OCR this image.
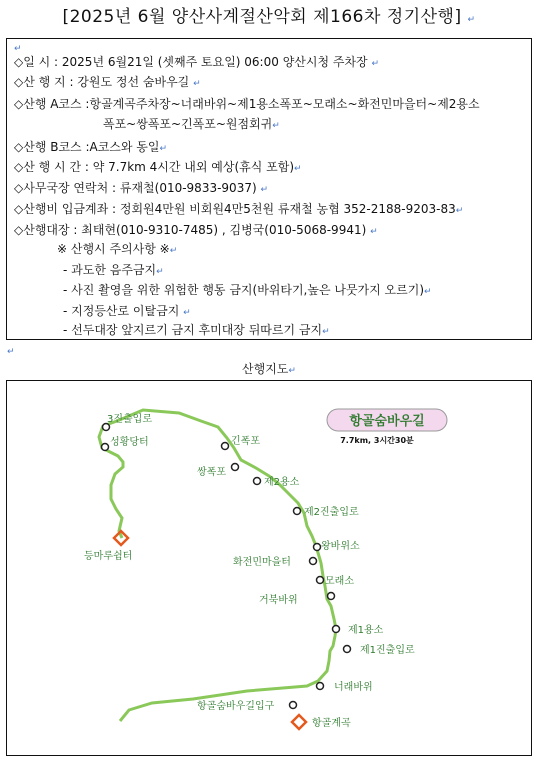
[2025년 6월 양산사계절산악회 제166차 정기산행] ↵
↵
◇일 시 : 2025년 6월21일 (셋째주 토요일) 06:00 양산시청 주차장 ↵
◇산 행 지 : 강원도 정선 숨바우길 ↵
◇산행 A코스 :항골계곡주차장~너래바위~제1용소폭포~모래소~화전민마을터~제2용소
폭포~쌍폭포~긴폭포~원점회귀↵
◇산행 B코스 :A코스와 동일↵
◇산 행 시 간 : 약 7.7km 4시간 내외 예상(휴식 포함)↵
◇사무국장 연락처 : 류재철(010-9833-9037) ↵
◇산행비 입금계좌 : 정회원4만원 비회원4만5천원 류재철 농협 352-2188-9203-83↵
◇산행대장 : 최태현(010-9310-7485) , 김병국(010-5068-9941) ↵
※ 산행시 주의사항 ※↵
- 과도한 음주금지↵
- 사진 촬영을 위한 위험한 행동 금지(바위타기,높은 나뭇가지 오르기)↵
- 지정등산로 이탈금지 ↵
- 선두대장 앞지르기 금지 후미대장 뒤따르기 금지↵
↵
산행지도↵
항골숨바우길
7.7km, 3시간30분
3진출입로
성황당터
등마루쉼터
긴폭포
쌍폭포
제2용소
제2진출입로
왕바위소
화전민마을터
모래소
거북바위
제1용소
제1진출입로
너래바위
항골숨바우길입구
항골계곡
